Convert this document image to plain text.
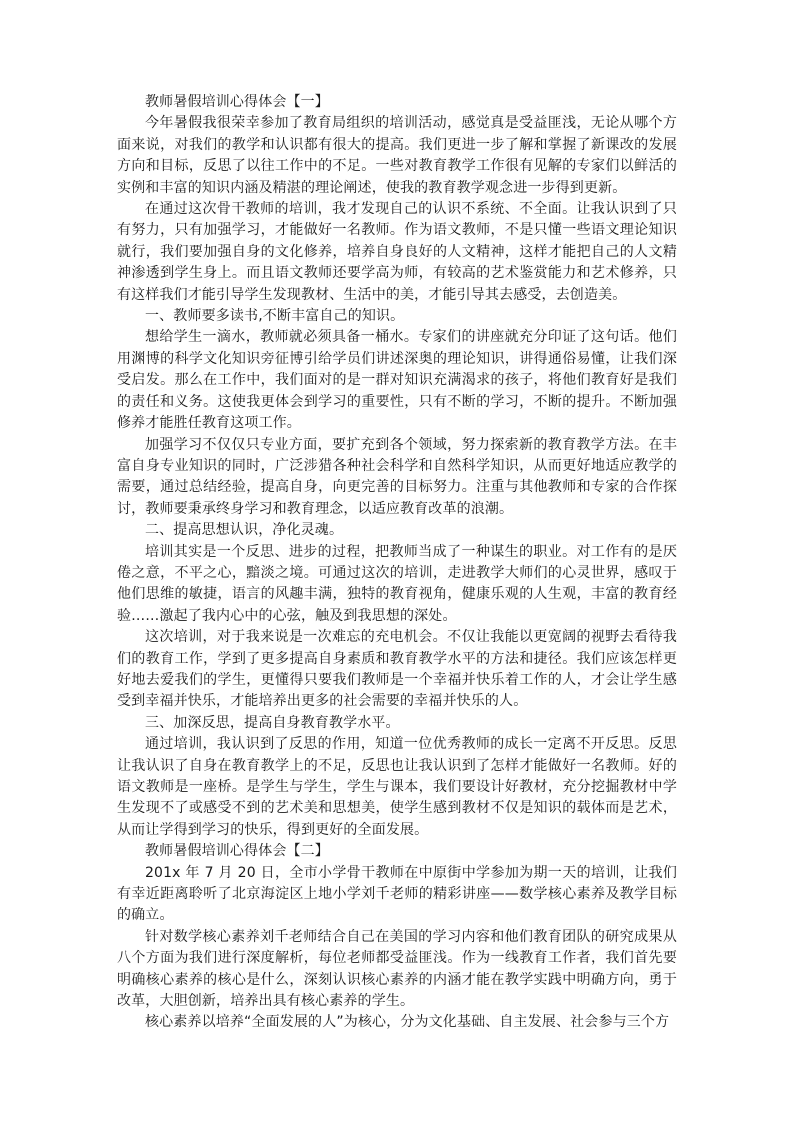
教师暑假培训心得体会【一】

今年暑假我很荣幸参加了教育局组织的培训活动，感觉真是受益匪浅，无论从哪个方面来说，对我们的教学和认识都有很大的提高。我们更进一步了解和掌握了新课改的发展方向和目标，反思了以往工作中的不足。一些对教育教学工作很有见解的专家们以鲜活的实例和丰富的知识内涵及精湛的理论阐述，使我的教育教学观念进一步得到更新。

在通过这次骨干教师的培训，我才发现自己的认识不系统、不全面。让我认识到了只有努力，只有加强学习，才能做好一名教师。作为语文教师，不是只懂一些语文理论知识就行，我们要加强自身的文化修养，培养自身良好的人文精神，这样才能把自己的人文精神渗透到学生身上。而且语文教师还要学高为师，有较高的艺术鉴赏能力和艺术修养，只有这样我们才能引导学生发现教材、生活中的美，才能引导其去感受，去创造美。

一、教师要多读书,不断丰富自己的知识。

想给学生一滴水，教师就必须具备一桶水。专家们的讲座就充分印证了这句话。他们用渊博的科学文化知识旁征博引给学员们讲述深奥的理论知识，讲得通俗易懂，让我们深受启发。那么在工作中，我们面对的是一群对知识充满渴求的孩子，将他们教育好是我们的责任和义务。这使我更体会到学习的重要性，只有不断的学习，不断的提升。不断加强修养才能胜任教育这项工作。

加强学习不仅仅只专业方面，要扩充到各个领域，努力探索新的教育教学方法。在丰富自身专业知识的同时，广泛涉猎各种社会科学和自然科学知识，从而更好地适应教学的需要，通过总结经验，提高自身，向更完善的目标努力。注重与其他教师和专家的合作探讨，教师要秉承终身学习和教育理念，以适应教育改革的浪潮。

二、提高思想认识，净化灵魂。

培训其实是一个反思、进步的过程，把教师当成了一种谋生的职业。对工作有的是厌倦之意，不平之心，黯淡之境。可通过这次的培训，走进教学大师们的心灵世界，感叹于他们思维的敏捷，语言的风趣丰满，独特的教育视角，健康乐观的人生观，丰富的教育经验……激起了我内心中的心弦，触及到我思想的深处。

这次培训，对于我来说是一次难忘的充电机会。不仅让我能以更宽阔的视野去看待我们的教育工作，学到了更多提高自身素质和教育教学水平的方法和捷径。我们应该怎样更好地去爱我们的学生，更懂得只要我们教师是一个幸福并快乐着工作的人，才会让学生感受到幸福并快乐，才能培养出更多的社会需要的幸福并快乐的人。

三、加深反思，提高自身教育教学水平。

通过培训，我认识到了反思的作用，知道一位优秀教师的成长一定离不开反思。反思让我认识了自身在教育教学上的不足，反思也让我认识到了怎样才能做好一名教师。好的语文教师是一座桥。是学生与学生，学生与课本，我们要设计好教材，充分挖掘教材中学生发现不了或感受不到的艺术美和思想美，使学生感到教材不仅是知识的载体而是艺术，从而让学得到学习的快乐，得到更好的全面发展。

教师暑假培训心得体会【二】

201x 年 7 月 20 日，全市小学骨干教师在中原街中学参加为期一天的培训，让我们有幸近距离聆听了北京海淀区上地小学刘千老师的精彩讲座——数学核心素养及教学目标的确立。

针对数学核心素养刘千老师结合自己在美国的学习内容和他们教育团队的研究成果从八个方面为我们进行深度解析，每位老师都受益匪浅。作为一线教育工作者，我们首先要明确核心素养的核心是什么，深刻认识核心素养的内涵才能在教学实践中明确方向，勇于改革，大胆创新，培养出具有核心素养的学生。

核心素养以培养“全面发展的人”为核心，分为文化基础、自主发展、社会参与三个方
